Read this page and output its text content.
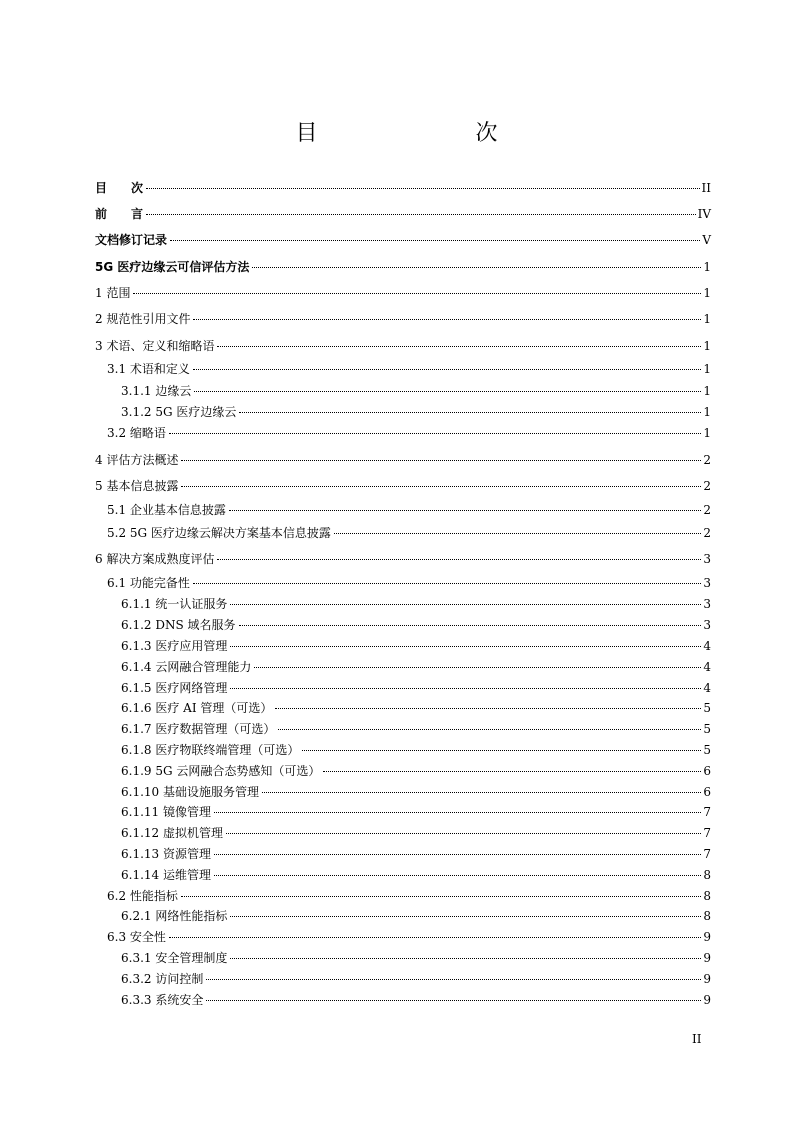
目　　次
目　　次	II
前　　言	IV
文档修订记录	V
5G 医疗边缘云可信评估方法	1
1 范围	1
2 规范性引用文件	1
3 术语、定义和缩略语	1
3.1 术语和定义	1
3.1.1 边缘云	1
3.1.2 5G 医疗边缘云	1
3.2 缩略语	1
4 评估方法概述	2
5 基本信息披露	2
5.1 企业基本信息披露	2
5.2 5G 医疗边缘云解决方案基本信息披露	2
6 解决方案成熟度评估	3
6.1 功能完备性	3
6.1.1 统一认证服务	3
6.1.2 DNS 域名服务	3
6.1.3 医疗应用管理	4
6.1.4 云网融合管理能力	4
6.1.5 医疗网络管理	4
6.1.6 医疗 AI 管理（可选）	5
6.1.7 医疗数据管理（可选）	5
6.1.8 医疗物联终端管理（可选）	5
6.1.9 5G 云网融合态势感知（可选）	6
6.1.10 基础设施服务管理	6
6.1.11 镜像管理	7
6.1.12 虚拟机管理	7
6.1.13 资源管理	7
6.1.14 运维管理	8
6.2 性能指标	8
6.2.1 网络性能指标	8
6.3 安全性	9
6.3.1 安全管理制度	9
6.3.2 访问控制	9
6.3.3 系统安全	9
II
